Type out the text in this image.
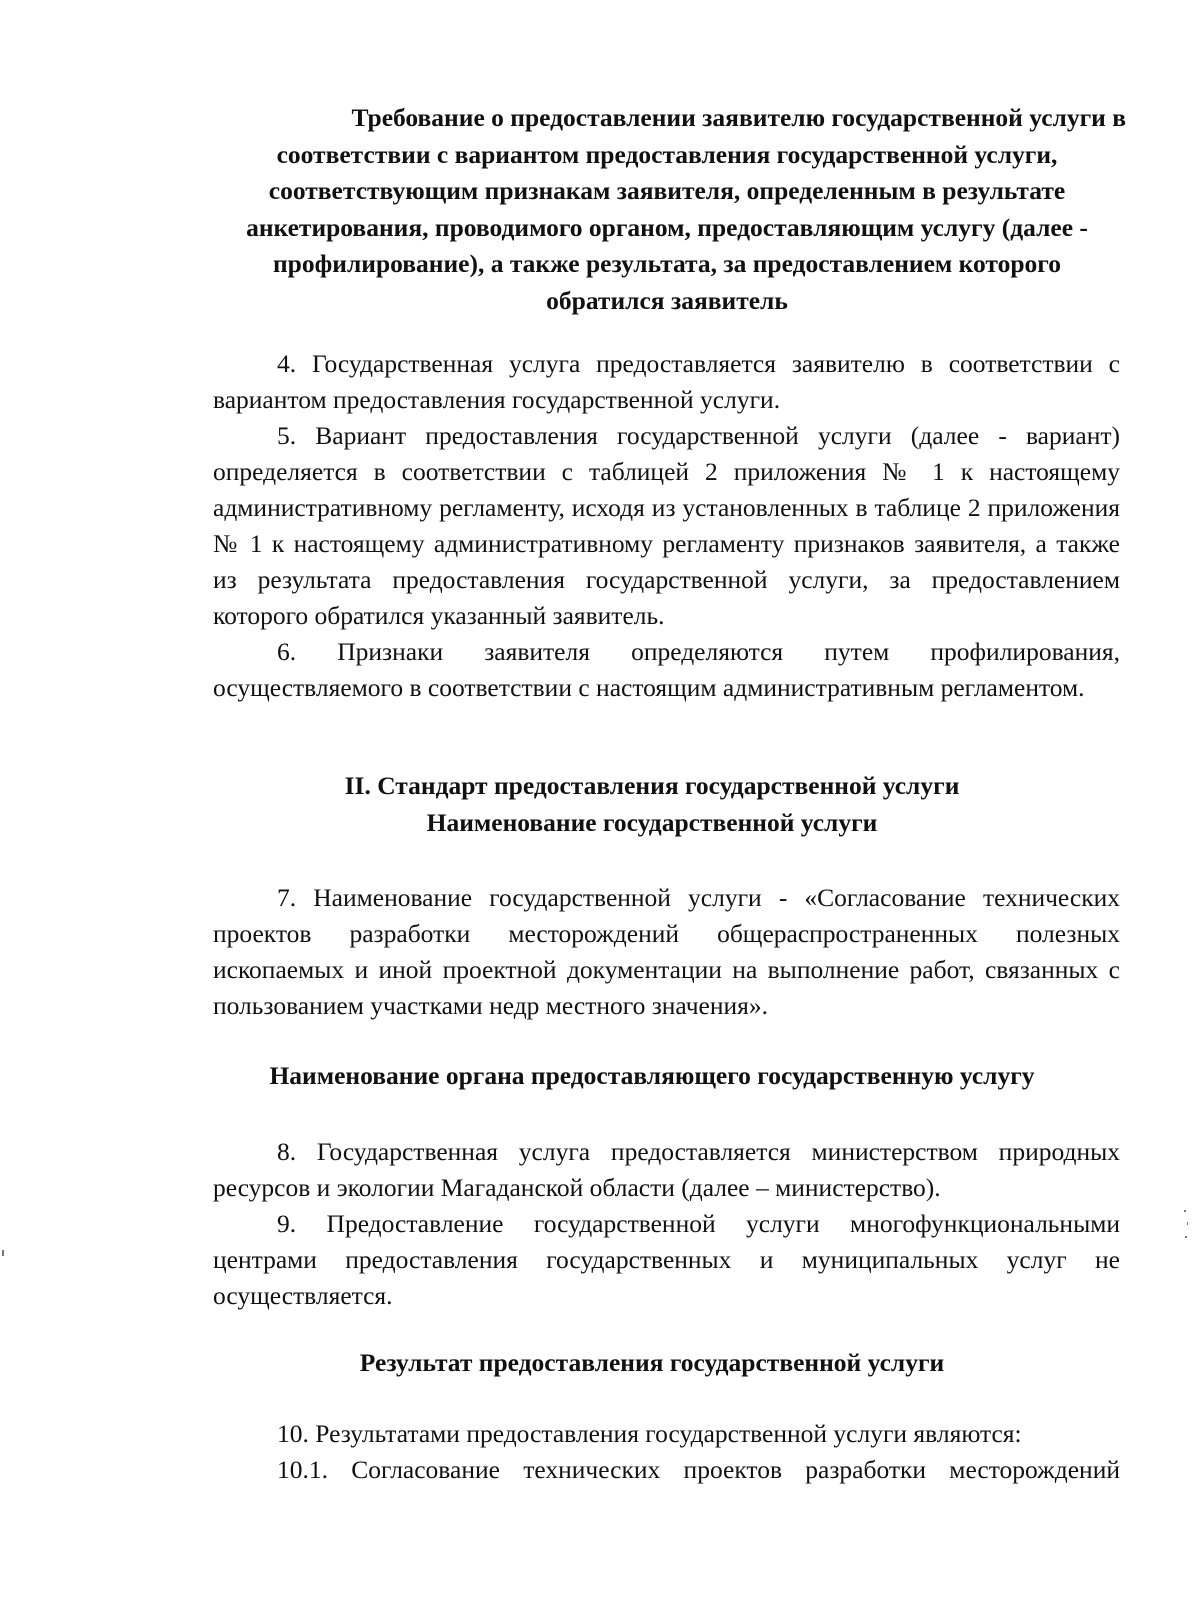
Требование о предоставлении заявителю государственной услуги в
соответствии с вариантом предоставления государственной услуги,
соответствующим признакам заявителя, определенным в результате
анкетирования, проводимого органом, предоставляющим услугу (далее -
профилирование), а также результата, за предоставлением которого
обратился заявитель

4. Государственная услуга предоставляется заявителю в соответствии с вариантом предоставления государственной услуги.

5. Вариант предоставления государственной услуги (далее - вариант) определяется в соответствии с таблицей 2 приложения № 1 к настоящему административному регламенту, исходя из установленных в таблице 2 приложения № 1 к настоящему административному регламенту признаков заявителя, а также из результата предоставления государственной услуги, за предоставлением которого обратился указанный заявитель.

6. Признаки заявителя определяются путем профилирования, осуществляемого в соответствии с настоящим административным регламентом.

II. Стандарт предоставления государственной услуги
Наименование государственной услуги

7. Наименование государственной услуги - «Согласование технических проектов разработки месторождений общераспространенных полезных ископаемых и иной проектной документации на выполнение работ, связанных с пользованием участками недр местного значения».

Наименование органа предоставляющего государственную услугу

8. Государственная услуга предоставляется министерством природных ресурсов и экологии Магаданской области (далее – министерство).

9. Предоставление государственной услуги многофункциональными центрами предоставления государственных и муниципальных услуг не осуществляется.

Результат предоставления государственной услуги

10. Результатами предоставления государственной услуги являются:

10.1. Согласование технических проектов разработки месторождений
